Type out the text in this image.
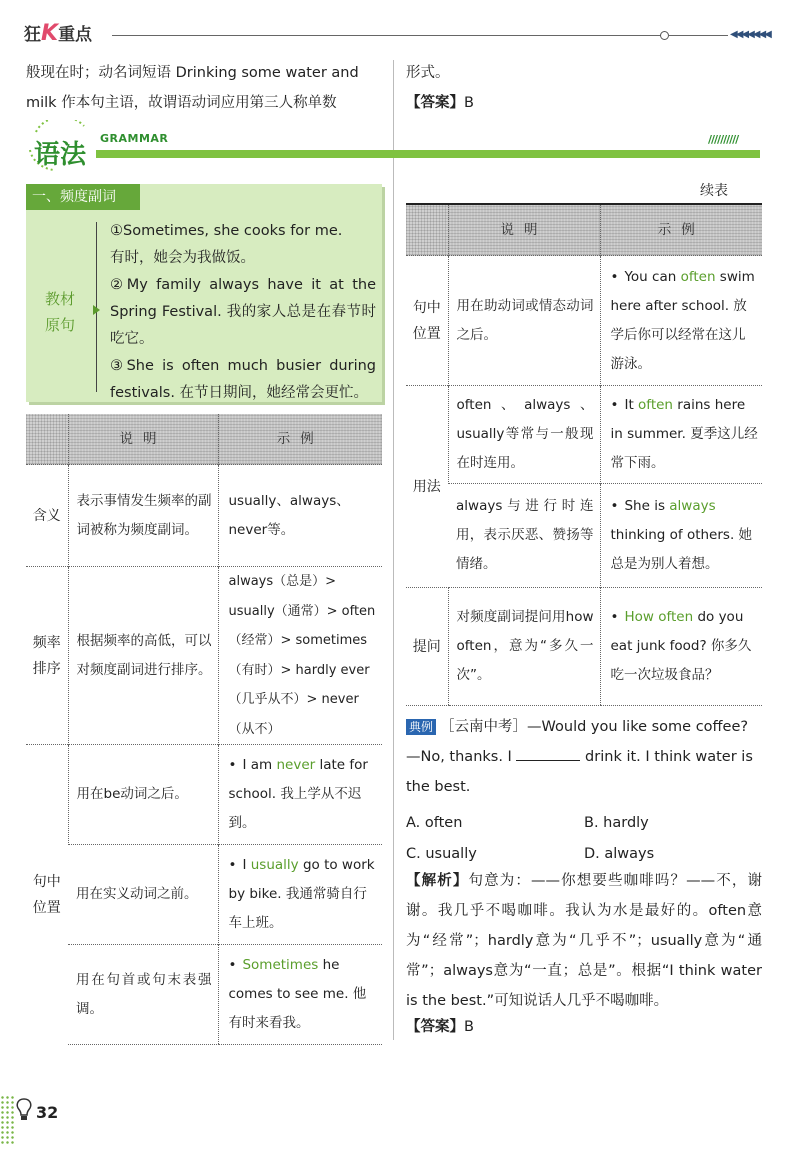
狂K重点	◀◀◀◀◀◀◀
般现在时；动名词短语 Drinking some water and
milk 作本句主语，故谓语动词应用第三人称单数
形式。
【答案】B
语法
GRAMMAR	//////////
一、频度副词
教材原句
①Sometimes, she cooks for me.
有时，她会为我做饭。
②My family always have it at the Spring Festival. 我的家人总是在春节时吃它。
③She is often much busier during festivals. 在节日期间，她经常会更忙。
	说明	示例
含义	表示事情发生频率的副词被称为频度副词。	usually、always、never等。
频率排序	根据频率的高低，可以对频度副词进行排序。	always（总是）> usually（通常）> often（经常）> sometimes（有时）> hardly ever（几乎从不）> never（从不）
句中位置	用在be动词之后。	• I am never late for school. 我上学从不迟到。
	用在实义动词之前。	• I usually go to work by bike. 我通常骑自行车上班。
	用在句首或句末表强调。	• Sometimes he comes to see me. 他有时来看我。
续表
	说明	示例
句中位置	用在助动词或情态动词之后。	• You can often swim here after school. 放学后你可以经常在这儿游泳。
用法	often、always、usually等常与一般现在时连用。	• It often rains here in summer. 夏季这儿经常下雨。
	always与进行时连用，表示厌恶、赞扬等情绪。	• She is always thinking of others. 她总是为别人着想。
提问	对频度副词提问用how often，意为“多久一次”。	• How often do you eat junk food? 你多久吃一次垃圾食品？
典例 ［云南中考］—Would you like some coffee?
—No, thanks. I	drink it. I think water is the best.
A. often	B. hardly
C. usually	D. always
【解析】句意为：——你想要些咖啡吗？——不，谢谢。我几乎不喝咖啡。我认为水是最好的。often意为“经常”；hardly意为“几乎不”；usually意为“通常”；always意为“一直；总是”。根据“I think water is the best.”可知说话人几乎不喝咖啡。
【答案】B
32
